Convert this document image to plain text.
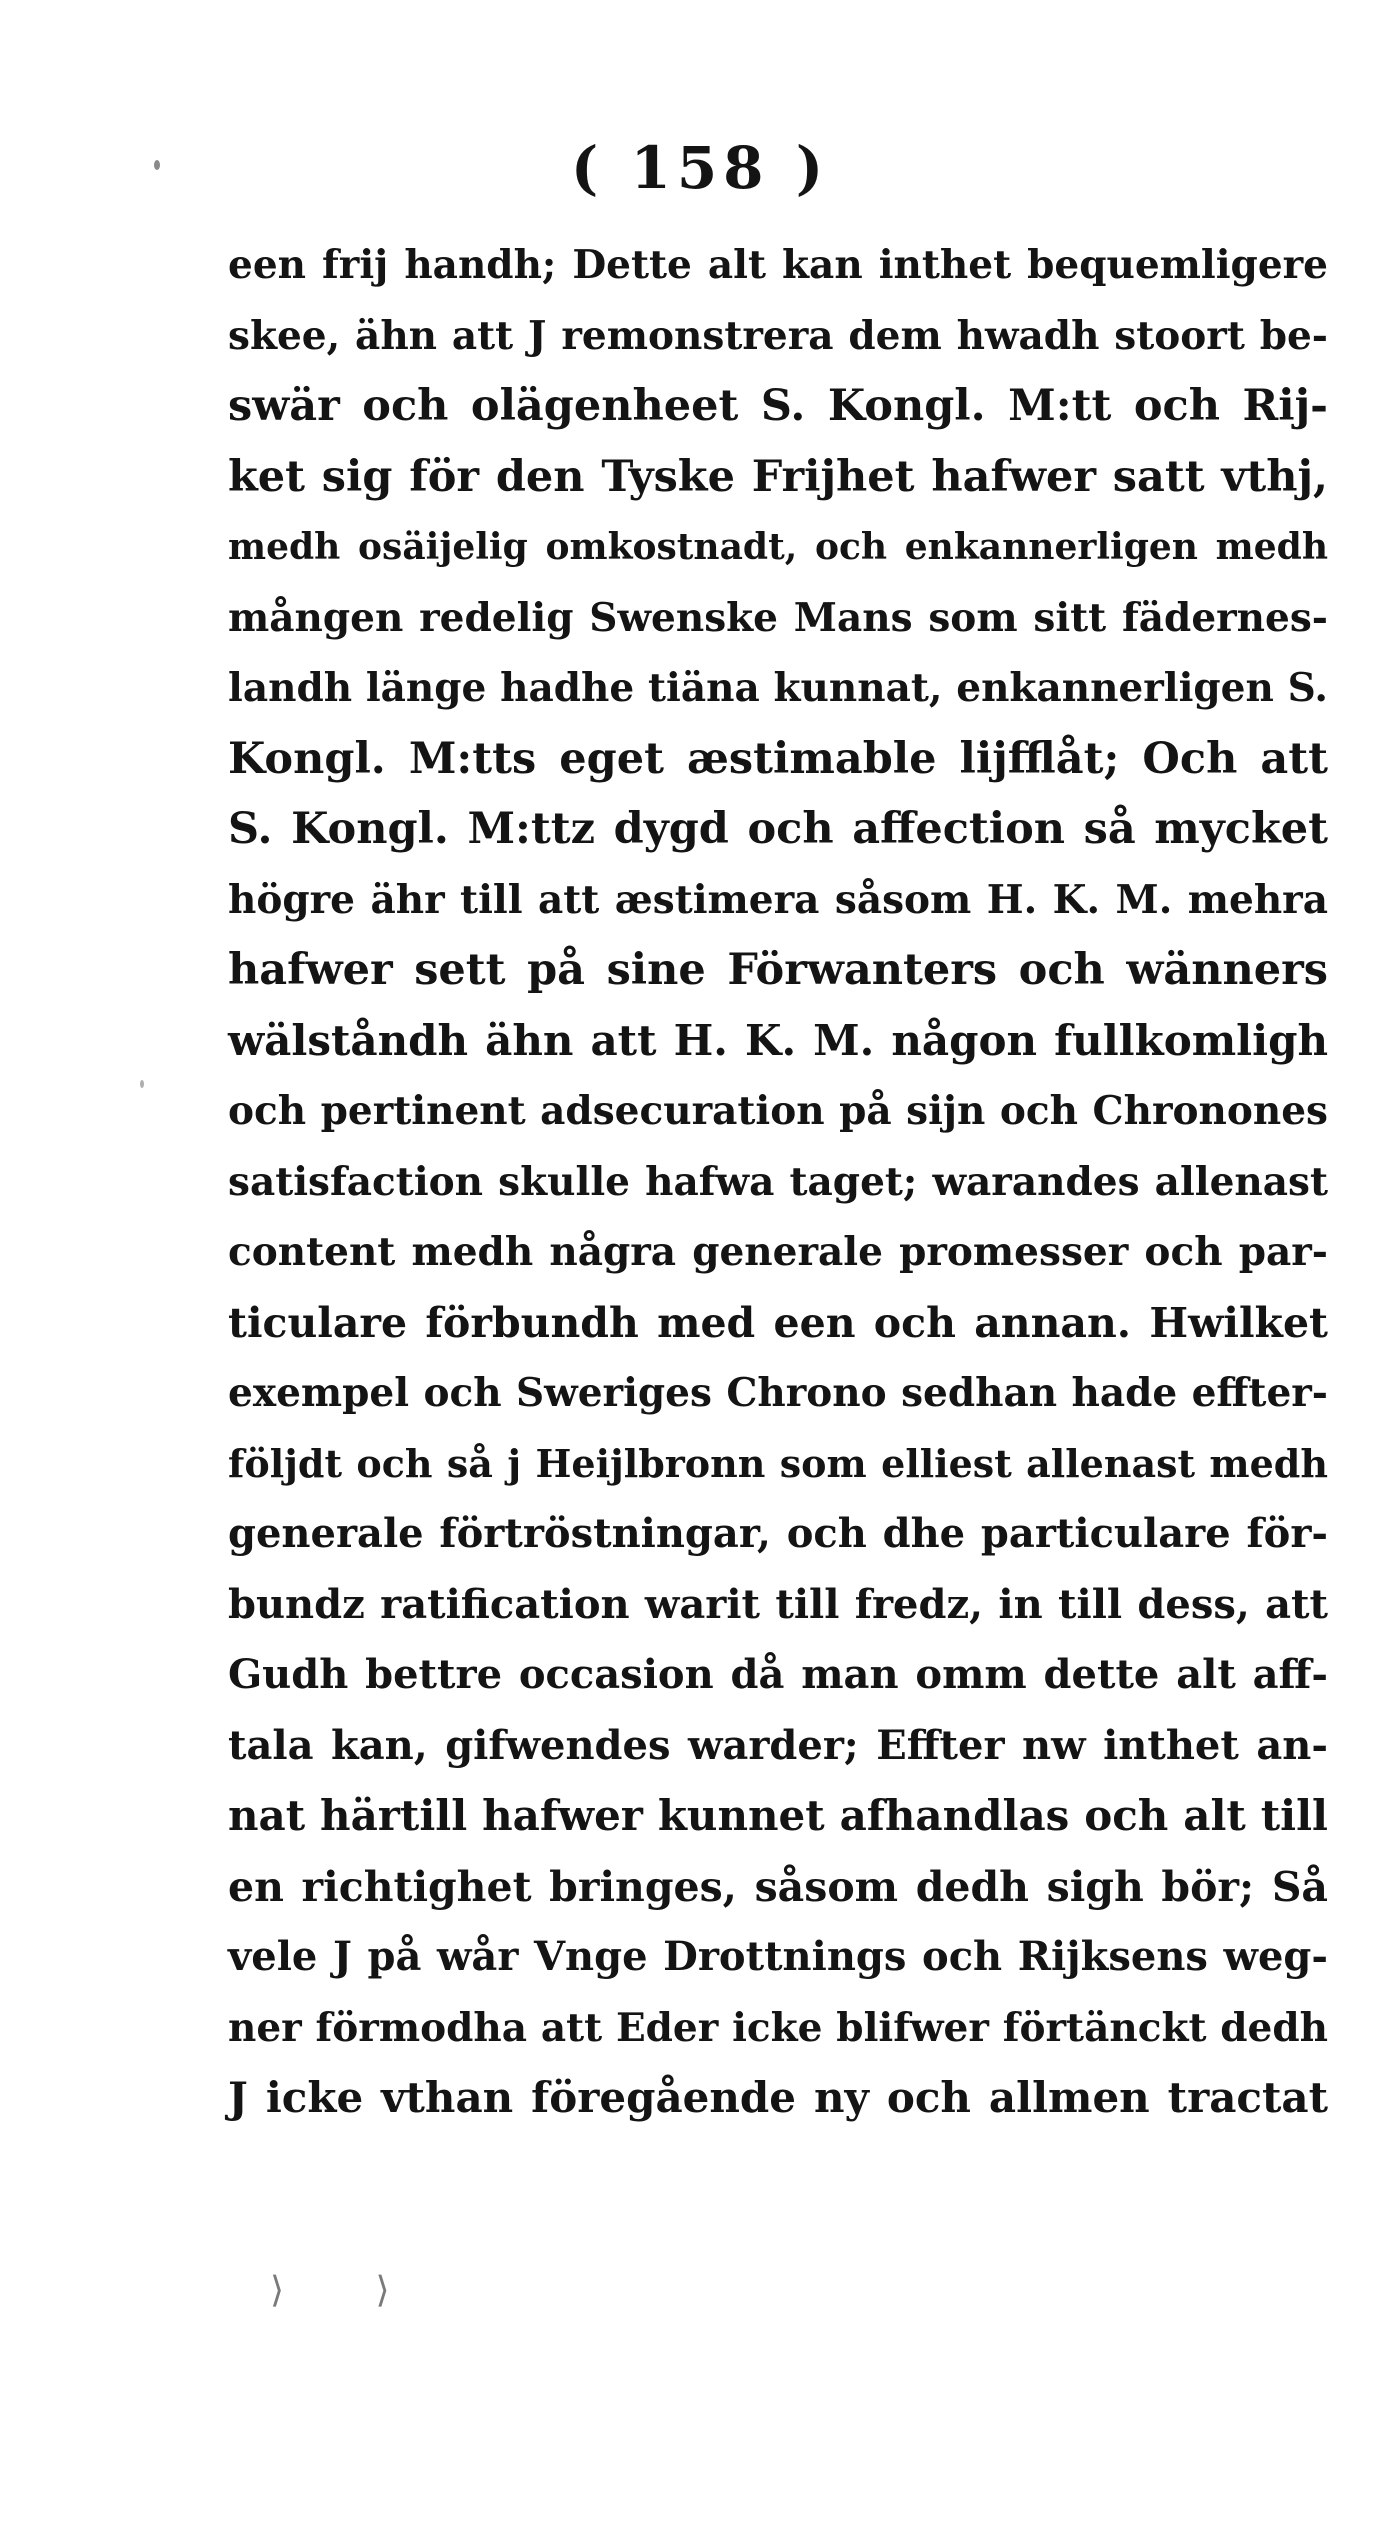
( 158 )
een frij handh; Dette alt kan inthet bequemligere
skee, ähn att J remonstrera dem hwadh stoort be-
swär och olägenheet S. Kongl. M:tt och Rij-
ket sig för den Tyske Frijhet hafwer satt vthj,
medh osäijelig omkostnadt, och enkannerligen medh
mången redelig Swenske Mans som sitt fädernes-
landh länge hadhe tiäna kunnat, enkannerligen S.
Kongl. M:tts eget æstimable lijfflåt; Och att
S. Kongl. M:ttz dygd och affection så mycket
högre ähr till att æstimera såsom H. K. M. mehra
hafwer sett på sine Förwanters och wänners
wälståndh ähn att H. K. M. någon fullkomligh
och pertinent adsecuration på sijn och Chronones
satisfaction skulle hafwa taget; warandes allenast
content medh några generale promesser och par-
ticulare förbundh med een och annan. Hwilket
exempel och Sweriges Chrono sedhan hade effter-
följdt och så j Heijlbronn som elliest allenast medh
generale förtröstningar, och dhe particulare för-
bundz ratification warit till fredz, in till dess, att
Gudh bettre occasion då man omm dette alt aff-
tala kan, gifwendes warder; Effter nw inthet an-
nat härtill hafwer kunnet afhandlas och alt till
en richtighet bringes, såsom dedh sigh bör; Så
vele J på wår Vnge Drottnings och Rijksens weg-
ner förmodha att Eder icke blifwer förtänckt dedh
J icke vthan föregående ny och allmen tractat
⟩ ⟩
